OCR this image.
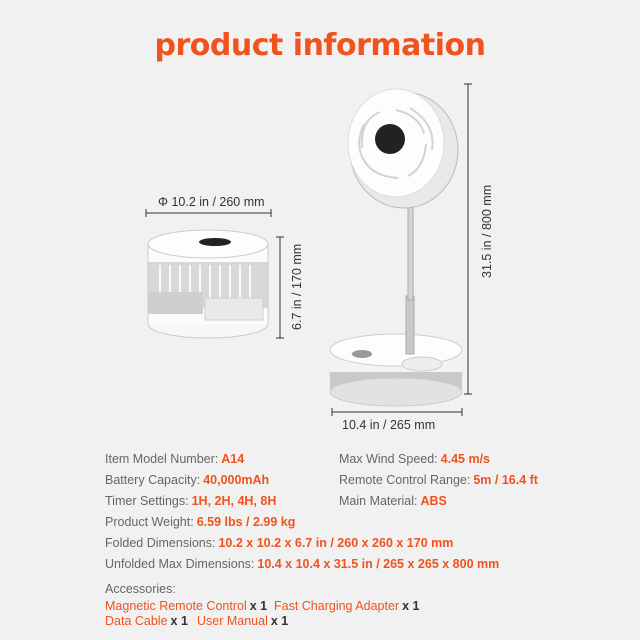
product information
Φ 10.2 in / 260 mm
6.7 in / 170 mm
31.5 in / 800 mm
10.4 in / 265 mm
Item Model Number: A14	Max Wind Speed: 4.45 m/s
Battery Capacity: 40,000mAh	Remote Control Range: 5m / 16.4 ft
Timer Settings: 1H, 2H, 4H, 8H	Main Material: ABS
Product Weight: 6.59 lbs / 2.99 kg
Folded Dimensions: 10.2 x 10.2 x 6.7 in / 260 x 260 x 170 mm
Unfolded Max Dimensions: 10.4 x 10.4 x 31.5 in / 265 x 265 x 800 mm
Accessories:
Magnetic Remote Control x 1 Fast Charging Adapter x 1
Data Cable x 1 User Manual x 1
